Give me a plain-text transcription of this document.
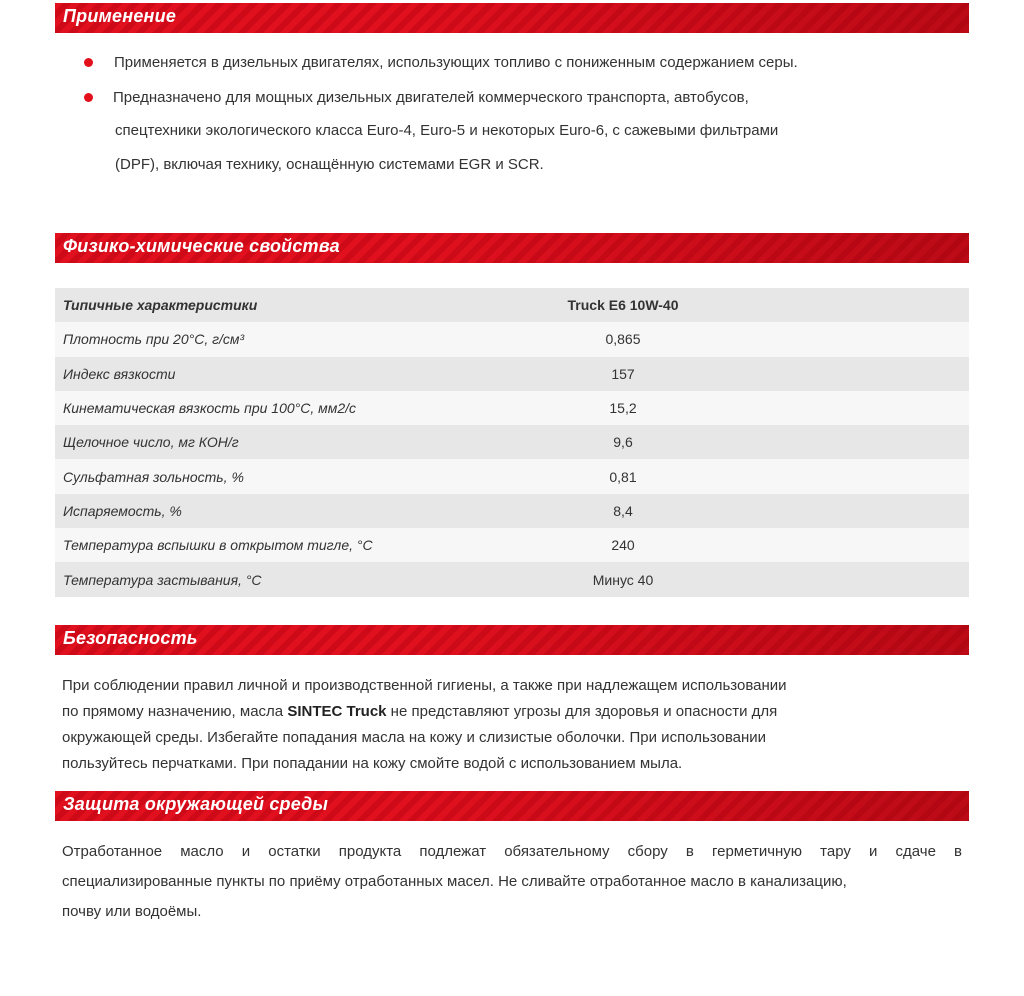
Применение
Применяется в дизельных двигателях, использующих топливо с пониженным содержанием серы.
Предназначено для мощных дизельных двигателей коммерческого транспорта, автобусов,
спецтехники экологического класса Euro-4, Euro-5 и некоторых Euro-6, с сажевыми фильтрами
(DPF), включая технику, оснащённую системами EGR и SCR.
Физико-химические свойства
Типичные характеристики	Truck E6 10W-40	
Плотность при 20°С, г/см³	0,865	
Индекс вязкости	157	
Кинематическая вязкость при 100°С, мм2/с	15,2	
Щелочное число, мг КОН/г	9,6	
Сульфатная зольность, %	0,81	
Испаряемость, %	8,4	
Температура вспышки в открытом тигле, °С	240	
Температура застывания, °С	Минус 40	
Безопасность
При соблюдении правил личной и производственной гигиены, а также при надлежащем использовании
по прямому назначению, масла SINTEC Truck не представляют угрозы для здоровья и опасности для
окружающей среды. Избегайте попадания масла на кожу и слизистые оболочки. При использовании
пользуйтесь перчатками. При попадании на кожу смойте водой с использованием мыла.
Защита окружающей среды
Отработанное масло и остатки продукта подлежат обязательному сбору в герметичную тару и сдаче в
специализированные пункты по приёму отработанных масел. Не сливайте отработанное масло в канализацию,
почву или водоёмы.
